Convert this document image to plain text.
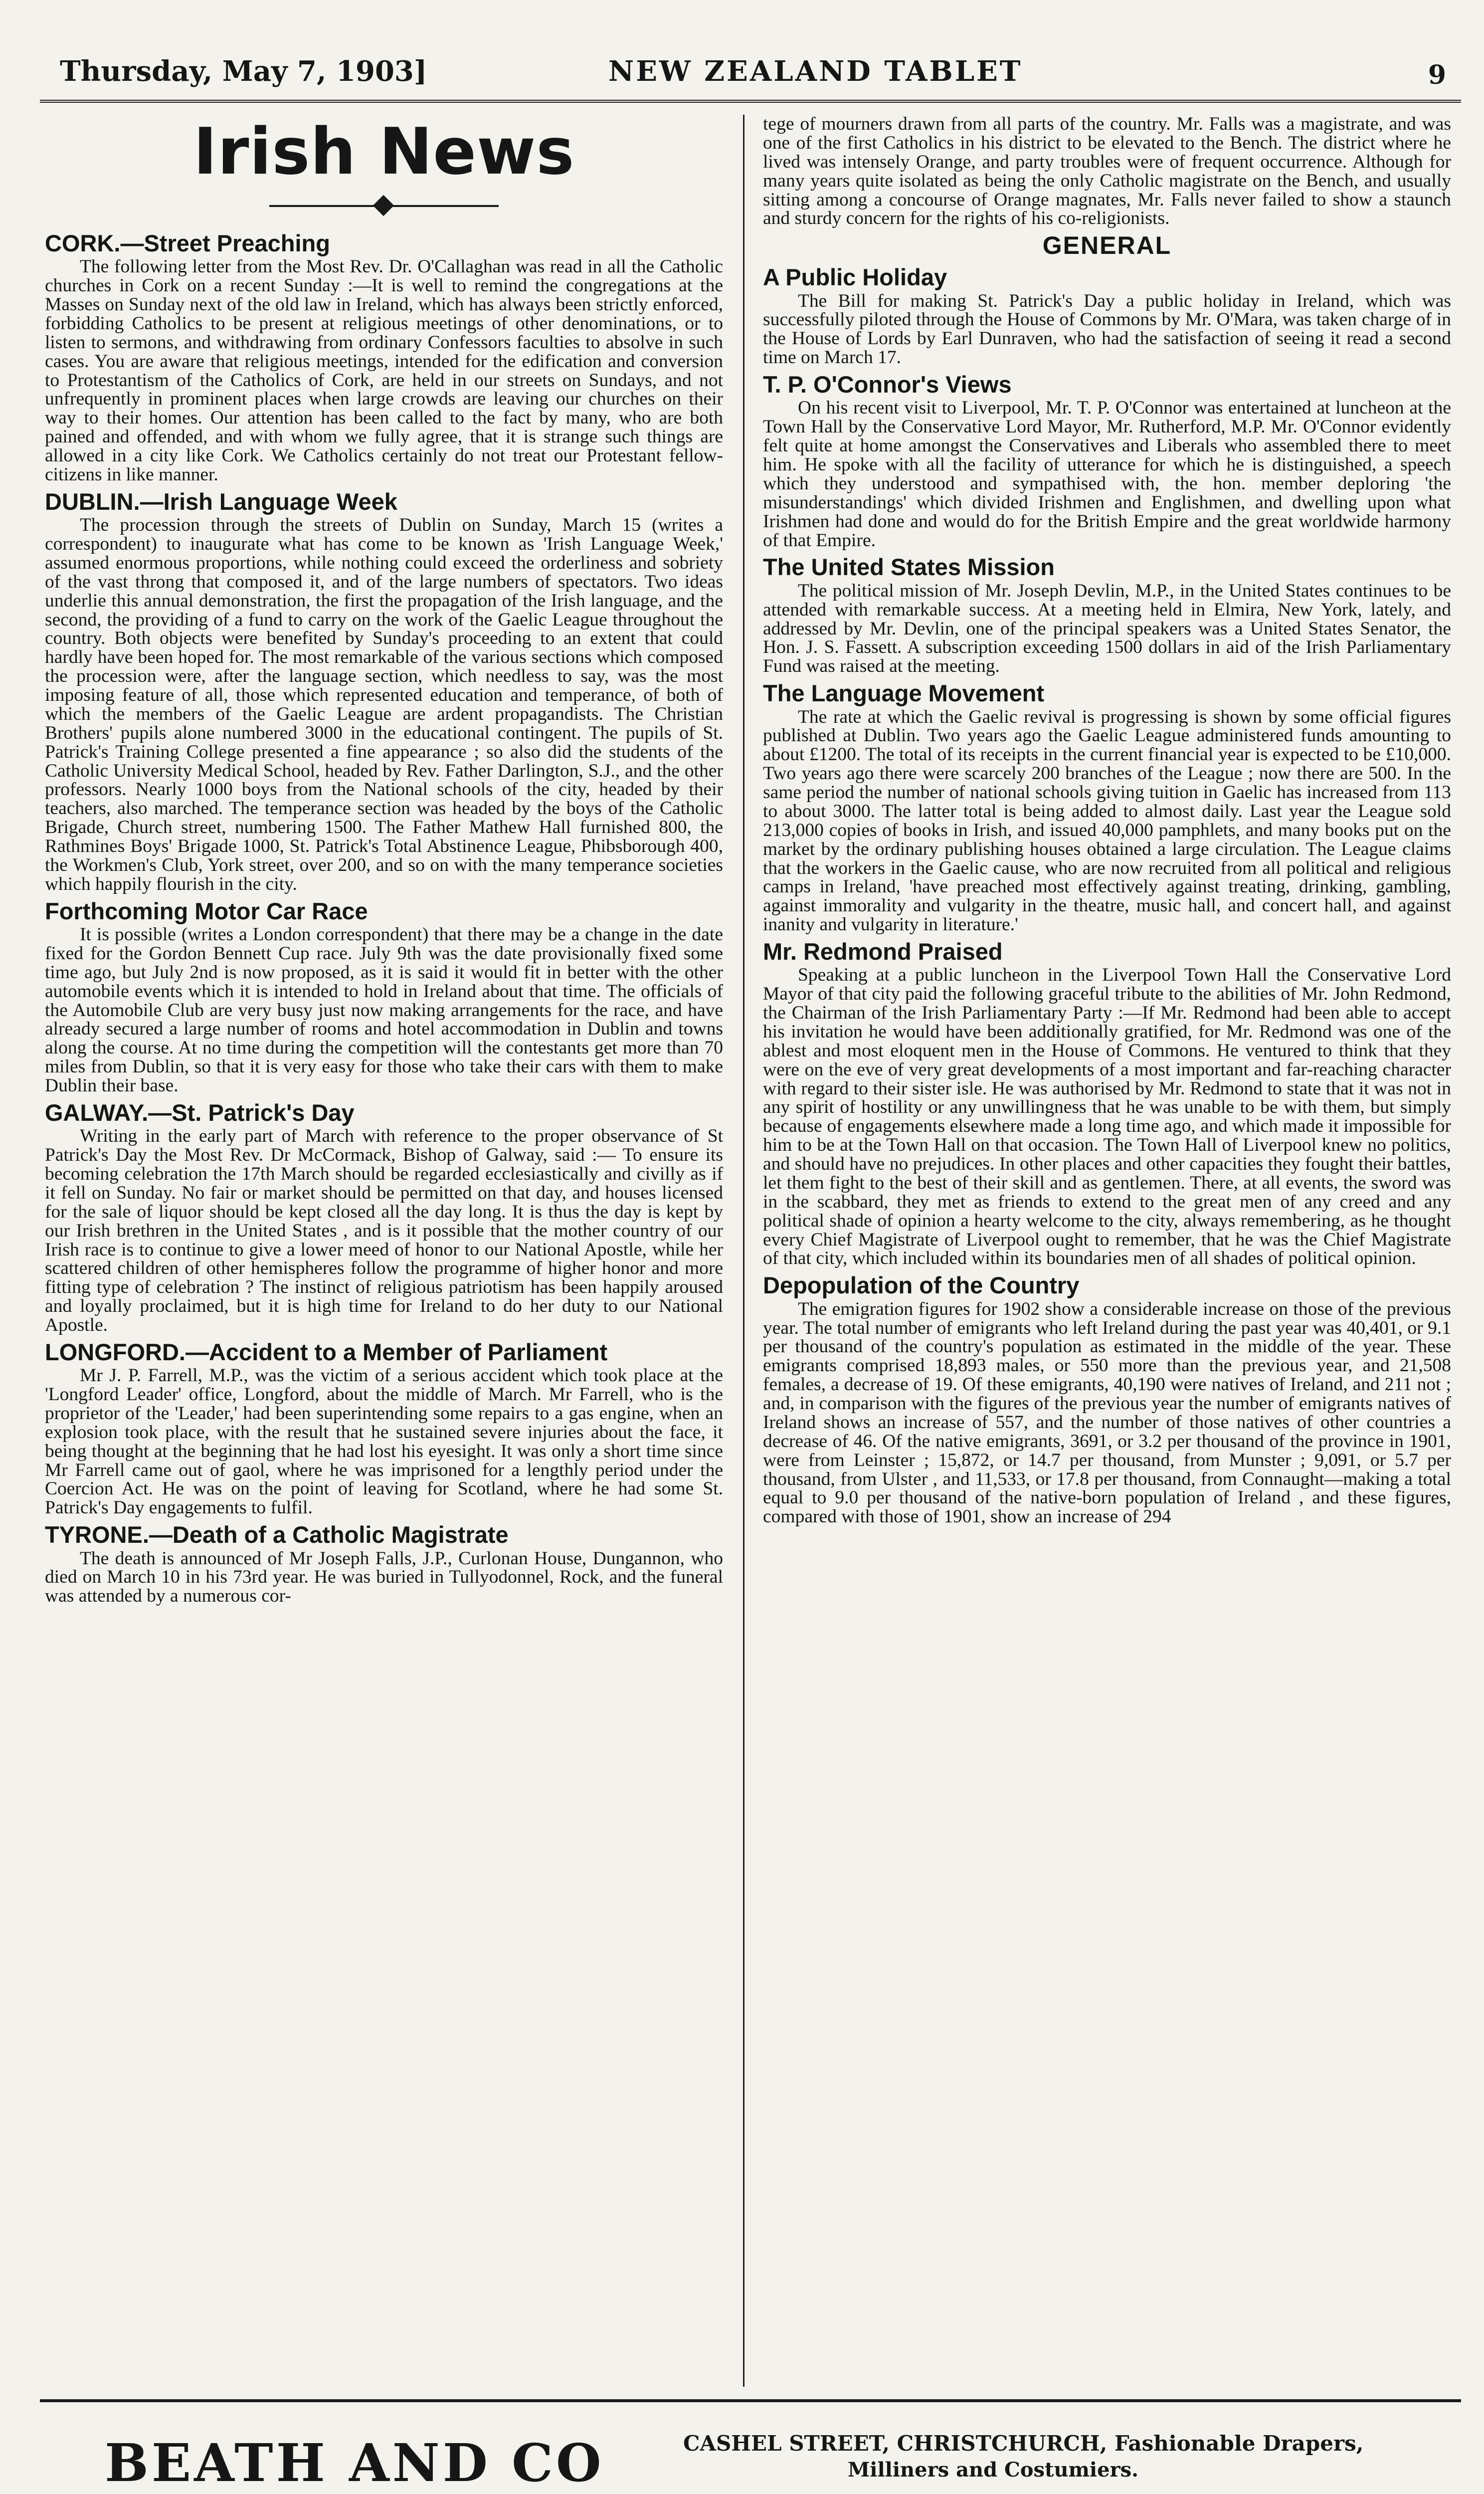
Thursday, May 7, 1903]	NEW ZEALAND TABLET	9
Irish News
CORK.—Street Preaching

The following letter from the Most Rev. Dr. O'Callaghan was read in all the Catholic churches in Cork on a recent Sunday :—It is well to remind the congregations at the Masses on Sunday next of the old law in Ireland, which has always been strictly enforced, forbidding Catholics to be present at religious meetings of other denominations, or to listen to sermons, and withdrawing from ordinary Confessors faculties to absolve in such cases. You are aware that religious meetings, intended for the edification and conversion to Protestantism of the Catholics of Cork, are held in our streets on Sundays, and not unfrequently in prominent places when large crowds are leaving our churches on their way to their homes. Our attention has been called to the fact by many, who are both pained and offended, and with whom we fully agree, that it is strange such things are allowed in a city like Cork. We Catholics certainly do not treat our Protestant fellow-citizens in like manner.

DUBLIN.—Irish Language Week

The procession through the streets of Dublin on Sunday, March 15 (writes a correspondent) to inaugurate what has come to be known as 'Irish Language Week,' assumed enormous proportions, while nothing could exceed the orderliness and sobriety of the vast throng that composed it, and of the large numbers of spectators. Two ideas underlie this annual demonstration, the first the propagation of the Irish language, and the second, the providing of a fund to carry on the work of the Gaelic League throughout the country. Both objects were benefited by Sunday's proceeding to an extent that could hardly have been hoped for. The most remarkable of the various sections which composed the procession were, after the language section, which needless to say, was the most imposing feature of all, those which represented education and temperance, of both of which the members of the Gaelic League are ardent propagandists. The Christian Brothers' pupils alone numbered 3000 in the educational contingent. The pupils of St. Patrick's Training College presented a fine appearance ; so also did the students of the Catholic University Medical School, headed by Rev. Father Darlington, S.J., and the other professors. Nearly 1000 boys from the National schools of the city, headed by their teachers, also marched. The temperance section was headed by the boys of the Catholic Brigade, Church street, numbering 1500. The Father Mathew Hall furnished 800, the Rathmines Boys' Brigade 1000, St. Patrick's Total Abstinence League, Phibsborough 400, the Workmen's Club, York street, over 200, and so on with the many temperance societies which happily flourish in the city.

Forthcoming Motor Car Race

It is possible (writes a London correspondent) that there may be a change in the date fixed for the Gordon Bennett Cup race. July 9th was the date provisionally fixed some time ago, but July 2nd is now proposed, as it is said it would fit in better with the other automobile events which it is intended to hold in Ireland about that time. The officials of the Automobile Club are very busy just now making arrangements for the race, and have already secured a large number of rooms and hotel accommodation in Dublin and towns along the course. At no time during the competition will the contestants get more than 70 miles from Dublin, so that it is very easy for those who take their cars with them to make Dublin their base.

GALWAY.—St. Patrick's Day

Writing in the early part of March with reference to the proper observance of St Patrick's Day the Most Rev. Dr McCormack, Bishop of Galway, said :— To ensure its becoming celebration the 17th March should be regarded ecclesiastically and civilly as if it fell on Sunday. No fair or market should be permitted on that day, and houses licensed for the sale of liquor should be kept closed all the day long. It is thus the day is kept by our Irish brethren in the United States , and is it possible that the mother country of our Irish race is to continue to give a lower meed of honor to our National Apostle, while her scattered children of other hemispheres follow the programme of higher honor and more fitting type of celebration ? The instinct of religious patriotism has been happily aroused and loyally proclaimed, but it is high time for Ireland to do her duty to our National Apostle.

LONGFORD.—Accident to a Member of Parliament

Mr J. P. Farrell, M.P., was the victim of a serious accident which took place at the 'Longford Leader' office, Longford, about the middle of March. Mr Farrell, who is the proprietor of the 'Leader,' had been superintending some repairs to a gas engine, when an explosion took place, with the result that he sustained severe injuries about the face, it being thought at the beginning that he had lost his eyesight. It was only a short time since Mr Farrell came out of gaol, where he was imprisoned for a lengthly period under the Coercion Act. He was on the point of leaving for Scotland, where he had some St. Patrick's Day engagements to fulfil.

TYRONE.—Death of a Catholic Magistrate

The death is announced of Mr Joseph Falls, J.P., Curlonan House, Dungannon, who died on March 10 in his 73rd year. He was buried in Tullyodonnel, Rock, and the funeral was attended by a numerous cor-

tege of mourners drawn from all parts of the country. Mr. Falls was a magistrate, and was one of the first Catholics in his district to be elevated to the Bench. The district where he lived was intensely Orange, and party troubles were of frequent occurrence. Although for many years quite isolated as being the only Catholic magistrate on the Bench, and usually sitting among a concourse of Orange magnates, Mr. Falls never failed to show a staunch and sturdy concern for the rights of his co-religionists.

GENERAL
A Public Holiday

The Bill for making St. Patrick's Day a public holiday in Ireland, which was successfully piloted through the House of Commons by Mr. O'Mara, was taken charge of in the House of Lords by Earl Dunraven, who had the satisfaction of seeing it read a second time on March 17.

T. P. O'Connor's Views

On his recent visit to Liverpool, Mr. T. P. O'Connor was entertained at luncheon at the Town Hall by the Conservative Lord Mayor, Mr. Rutherford, M.P. Mr. O'Connor evidently felt quite at home amongst the Conservatives and Liberals who assembled there to meet him. He spoke with all the facility of utterance for which he is distinguished, a speech which they understood and sympathised with, the hon. member deploring 'the misunderstandings' which divided Irishmen and Englishmen, and dwelling upon what Irishmen had done and would do for the British Empire and the great worldwide harmony of that Empire.

The United States Mission

The political mission of Mr. Joseph Devlin, M.P., in the United States continues to be attended with remarkable success. At a meeting held in Elmira, New York, lately, and addressed by Mr. Devlin, one of the principal speakers was a United States Senator, the Hon. J. S. Fassett. A subscription exceeding 1500 dollars in aid of the Irish Parliamentary Fund was raised at the meeting.

The Language Movement

The rate at which the Gaelic revival is progressing is shown by some official figures published at Dublin. Two years ago the Gaelic League administered funds amounting to about £1200. The total of its receipts in the current financial year is expected to be £10,000. Two years ago there were scarcely 200 branches of the League ; now there are 500. In the same period the number of national schools giving tuition in Gaelic has increased from 113 to about 3000. The latter total is being added to almost daily. Last year the League sold 213,000 copies of books in Irish, and issued 40,000 pamphlets, and many books put on the market by the ordinary publishing houses obtained a large circulation. The League claims that the workers in the Gaelic cause, who are now recruited from all political and religious camps in Ireland, 'have preached most effectively against treating, drinking, gambling, against immorality and vulgarity in the theatre, music hall, and concert hall, and against inanity and vulgarity in literature.'

Mr. Redmond Praised

Speaking at a public luncheon in the Liverpool Town Hall the Conservative Lord Mayor of that city paid the following graceful tribute to the abilities of Mr. John Redmond, the Chairman of the Irish Parliamentary Party :—If Mr. Redmond had been able to accept his invitation he would have been additionally gratified, for Mr. Redmond was one of the ablest and most eloquent men in the House of Commons. He ventured to think that they were on the eve of very great developments of a most important and far-reaching character with regard to their sister isle. He was authorised by Mr. Redmond to state that it was not in any spirit of hostility or any unwillingness that he was unable to be with them, but simply because of engagements elsewhere made a long time ago, and which made it impossible for him to be at the Town Hall on that occasion. The Town Hall of Liverpool knew no politics, and should have no prejudices. In other places and other capacities they fought their battles, let them fight to the best of their skill and as gentlemen. There, at all events, the sword was in the scabbard, they met as friends to extend to the great men of any creed and any political shade of opinion a hearty welcome to the city, always remembering, as he thought every Chief Magistrate of Liverpool ought to remember, that he was the Chief Magistrate of that city, which included within its boundaries men of all shades of political opinion.

Depopulation of the Country

The emigration figures for 1902 show a considerable increase on those of the previous year. The total number of emigrants who left Ireland during the past year was 40,401, or 9.1 per thousand of the country's population as estimated in the middle of the year. These emigrants comprised 18,893 males, or 550 more than the previous year, and 21,508 females, a decrease of 19. Of these emigrants, 40,190 were natives of Ireland, and 211 not ; and, in comparison with the figures of the previous year the number of emigrants natives of Ireland shows an increase of 557, and the number of those natives of other countries a decrease of 46. Of the native emigrants, 3691, or 3.2 per thousand of the province in 1901, were from Leinster ; 15,872, or 14.7 per thousand, from Munster ; 9,091, or 5.7 per thousand, from Ulster , and 11,533, or 17.8 per thousand, from Connaught—making a total equal to 9.0 per thousand of the native-born population of Ireland , and these figures, compared with those of 1901, show an increase of 294

BEATH AND CO	CASHEL STREET, CHRISTCHURCH, Fashionable Drapers,
Milliners and Costumiers.
